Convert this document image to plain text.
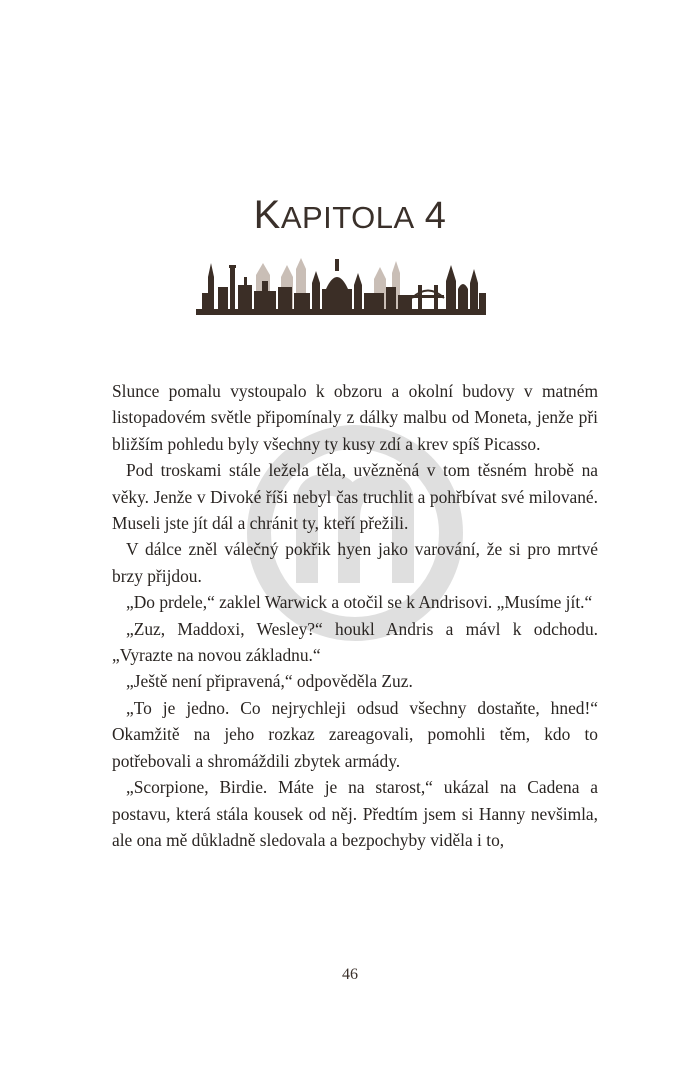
KAPITOLA 4

Slunce pomalu vystoupalo k obzoru a okolní budovy v matném listopadovém světle připomínaly z dálky malbu od Moneta, jenže při bližším pohledu byly všechny ty kusy zdí a krev spíš Picasso.

Pod troskami stále ležela těla, uvězněná v tom těsném hrobě na věky. Jenže v Divoké říši nebyl čas truchlit a pohřbívat své milované. Museli jste jít dál a chránit ty, kteří přežili.

V dálce zněl válečný pokřik hyen jako varování, že si pro mrtvé brzy přijdou.

„Do prdele,“ zaklel Warwick a otočil se k Andrisovi. „Musíme jít.“

„Zuz, Maddoxi, Wesley?“ houkl Andris a mávl k odchodu. „Vyrazte na novou základnu.“

„Ještě není připravená,“ odpověděla Zuz.

„To je jedno. Co nejrychleji odsud všechny dostaňte, hned!“ Okamžitě na jeho rozkaz zareagovali, pomohli těm, kdo to potřebovali a shromáždili zbytek armády.

„Scorpione, Birdie. Máte je na starost,“ ukázal na Cadena a postavu, která stála kousek od něj. Předtím jsem si Hanny nevšimla, ale ona mě důkladně sledovala a bezpochyby viděla i to,

46
